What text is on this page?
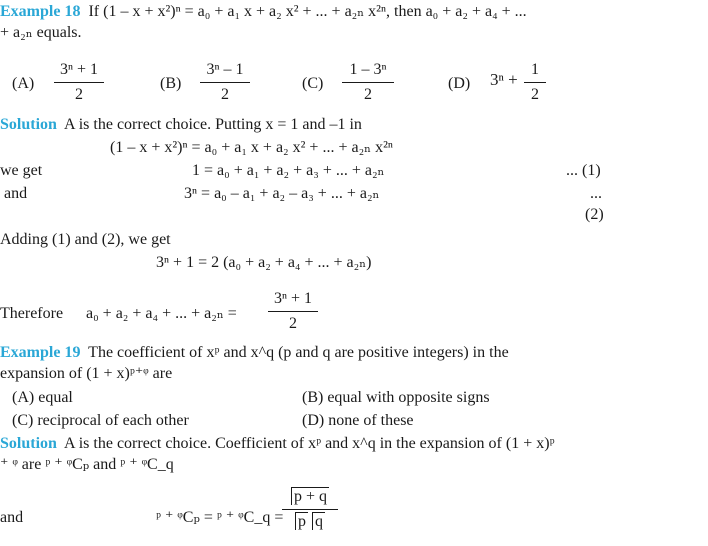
Example 18 If (1 – x + x²)ⁿ = a₀ + a₁ x + a₂ x² + ... + a₂ₙ x²ⁿ, then a₀ + a₂ + a₄ + ...
+ a₂ₙ equals.
(A)
3ⁿ + 1
2
(B)
3ⁿ – 1
2
(C)
1 – 3ⁿ
2
(D) 3ⁿ +
1
2
Solution A is the correct choice. Putting x = 1 and –1 in
(1 – x + x²)ⁿ = a₀ + a₁ x + a₂ x² + ... + a₂ₙ x²ⁿ
we get	1 = a₀ + a₁ + a₂ + a₃ + ... + a₂ₙ	... (1)
and	3ⁿ = a₀ – a₁ + a₂ – a₃ + ... + a₂ₙ	...
(2)
Adding (1) and (2), we get
3ⁿ + 1 = 2 (a₀ + a₂ + a₄ + ... + a₂ₙ)
Therefore a₀ + a₂ + a₄ + ... + a₂ₙ =
3ⁿ + 1
2
Example 19 The coefficient of xᵖ and x^q (p and q are positive integers) in the
expansion of (1 + x)ᵖ⁺ᵠ are
(A) equal	(B) equal with opposite signs
(C) reciprocal of each other	(D) none of these
Solution A is the correct choice. Coefficient of xᵖ and x^q in the expansion of (1 + x)ᵖ
⁺ ᵠ are ᵖ ⁺ ᵠCₚ and ᵖ ⁺ ᵠC_q
and	ᵖ ⁺ ᵠCₚ = ᵖ ⁺ ᵠC_q =
p + q
p q
